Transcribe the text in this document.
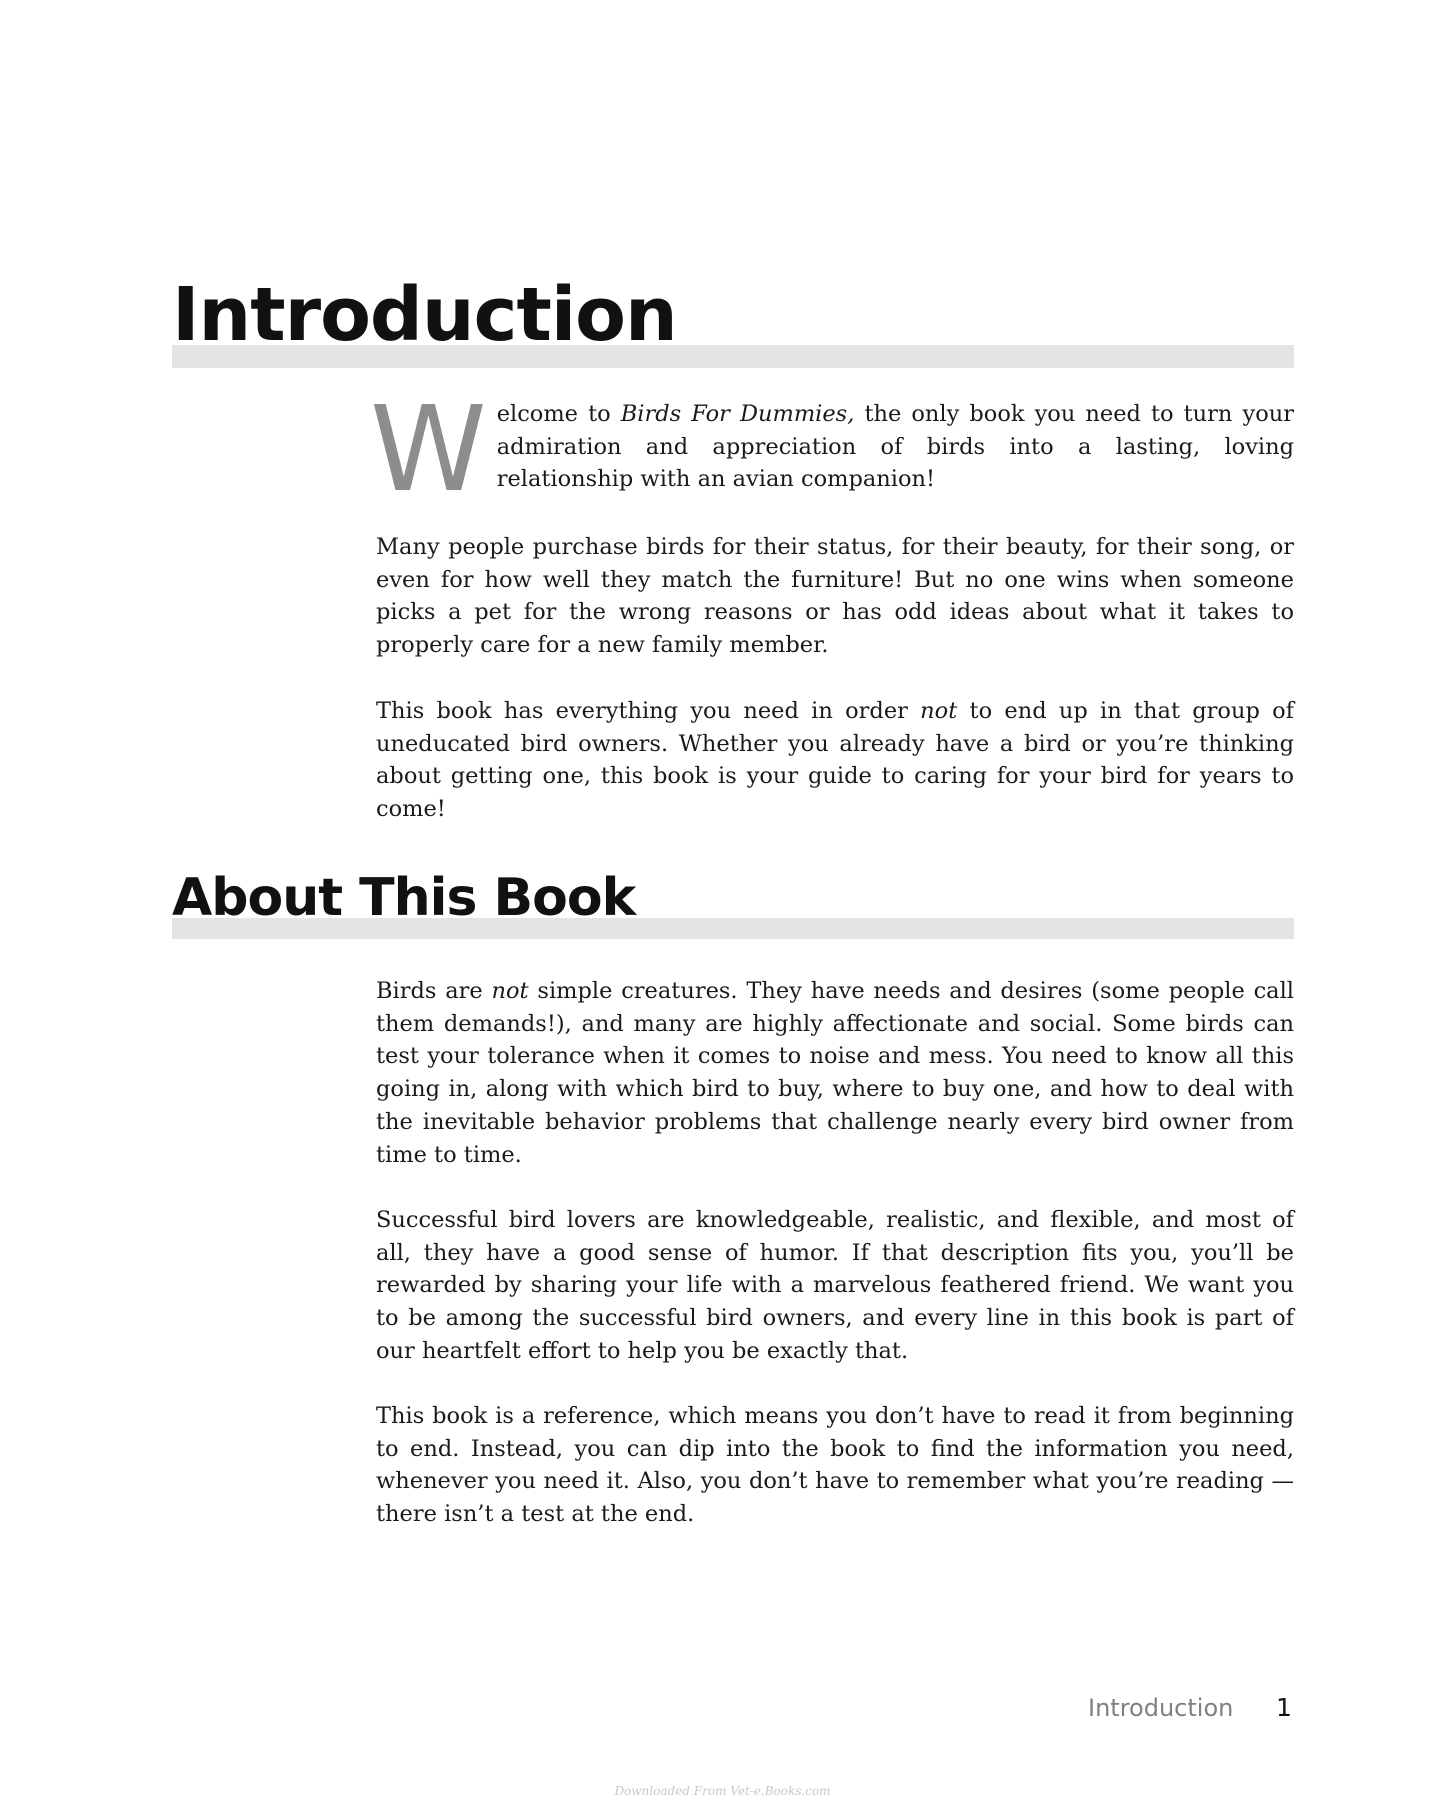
Introduction

Welcome to Birds For Dummies, the only book you need to turn your admiration and appreciation of birds into a lasting, loving relationship with an avian companion!

Many people purchase birds for their status, for their beauty, for their song, or even for how well they match the furniture! But no one wins when someone picks a pet for the wrong reasons or has odd ideas about what it takes to properly care for a new family member.

This book has everything you need in order not to end up in that group of uneducated bird owners. Whether you already have a bird or you’re thinking about getting one, this book is your guide to caring for your bird for years to come!

About This Book

Birds are not simple creatures. They have needs and desires (some people call them demands!), and many are highly affectionate and social. Some birds can test your tolerance when it comes to noise and mess. You need to know all this going in, along with which bird to buy, where to buy one, and how to deal with the inevitable behavior problems that challenge nearly every bird owner from time to time.

Successful bird lovers are knowledgeable, realistic, and flexible, and most of all, they have a good sense of humor. If that description fits you, you’ll be rewarded by sharing your life with a marvelous feathered friend. We want you to be among the successful bird owners, and every line in this book is part of our heartfelt effort to help you be exactly that.

This book is a reference, which means you don’t have to read it from beginning to end. Instead, you can dip into the book to find the information you need, whenever you need it. Also, you don’t have to remember what you’re reading — there isn’t a test at the end.

Introduction 1
Downloaded From Vet-e.Books.com
